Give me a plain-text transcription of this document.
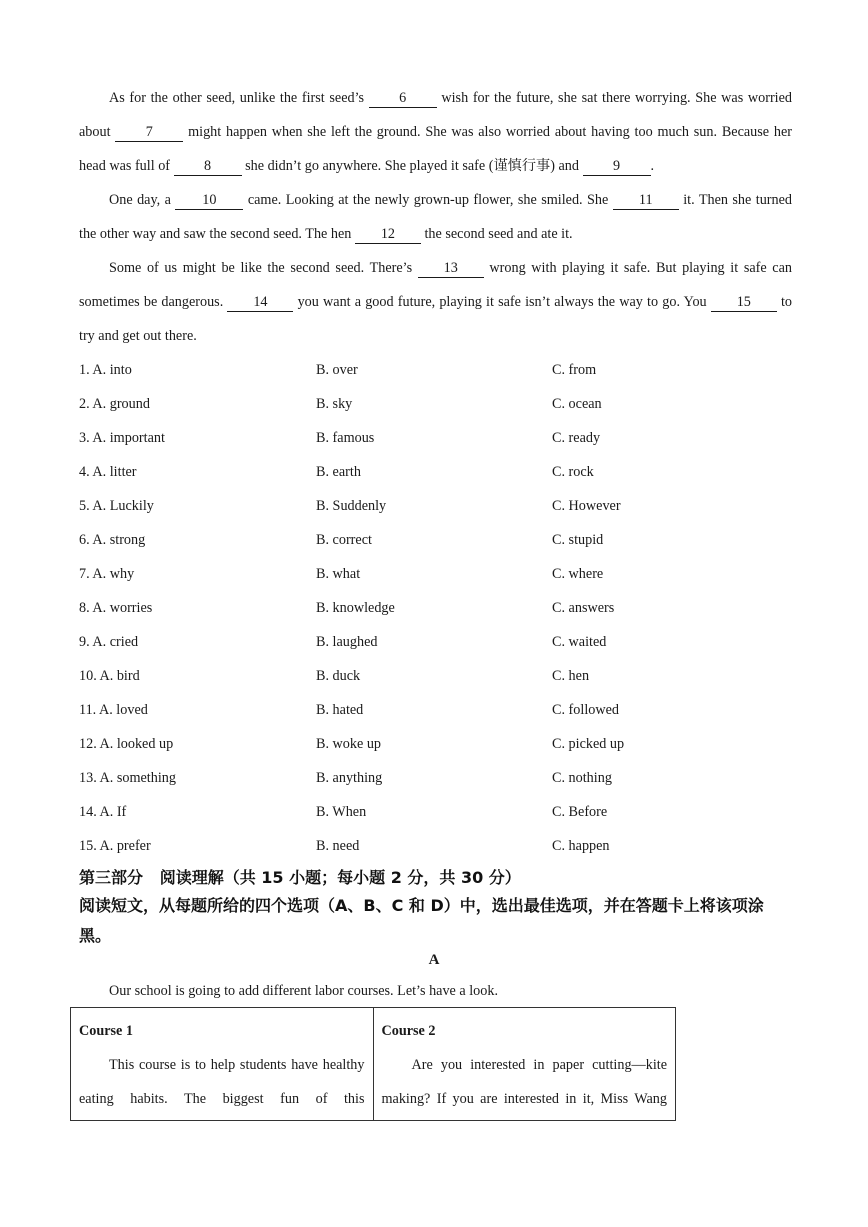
As for the other seed, unlike the first seed’s 6 wish for the future, she sat there worrying. She was worried about 7 might happen when she left the ground. She was also worried about having too much sun. Because her head was full of 8 she didn’t go anywhere. She played it safe (谨慎行事) and 9 .
One day, a 10 came. Looking at the newly grown-up flower, she smiled. She 11 it. Then she turned the other way and saw the second seed. The hen 12 the second seed and ate it.
Some of us might be like the second seed. There’s 13 wrong with playing it safe. But playing it safe can sometimes be dangerous. 14 you want a good future, playing it safe isn’t always the way to go. You 15 to try and get out there.
1. A. into	B. over	C. from
2. A. ground	B. sky	C. ocean
3. A. important	B. famous	C. ready
4. A. litter	B. earth	C. rock
5. A. Luckily	B. Suddenly	C. However
6. A. strong	B. correct	C. stupid
7. A. why	B. what	C. where
8. A. worries	B. knowledge	C. answers
9. A. cried	B. laughed	C. waited
10. A. bird	B. duck	C. hen
11. A. loved	B. hated	C. followed
12. A. looked up	B. woke up	C. picked up
13. A. something	B. anything	C. nothing
14. A. If	B. When	C. Before
15. A. prefer	B. need	C. happen
第三部分   阅读理解（共 15 小题；每小题 2 分，共 30 分）
阅读短文，从每题所给的四个选项（A、B、C 和 D）中，选出最佳选项，并在答题卡上将该项涂黑。
A
Our school is going to add different labor courses. Let’s have a look.
Course 1
This course is to help students have healthy eating habits. The biggest fun of this

Course 2
Are you interested in paper cutting—kite making? If you are interested in it, Miss Wang
